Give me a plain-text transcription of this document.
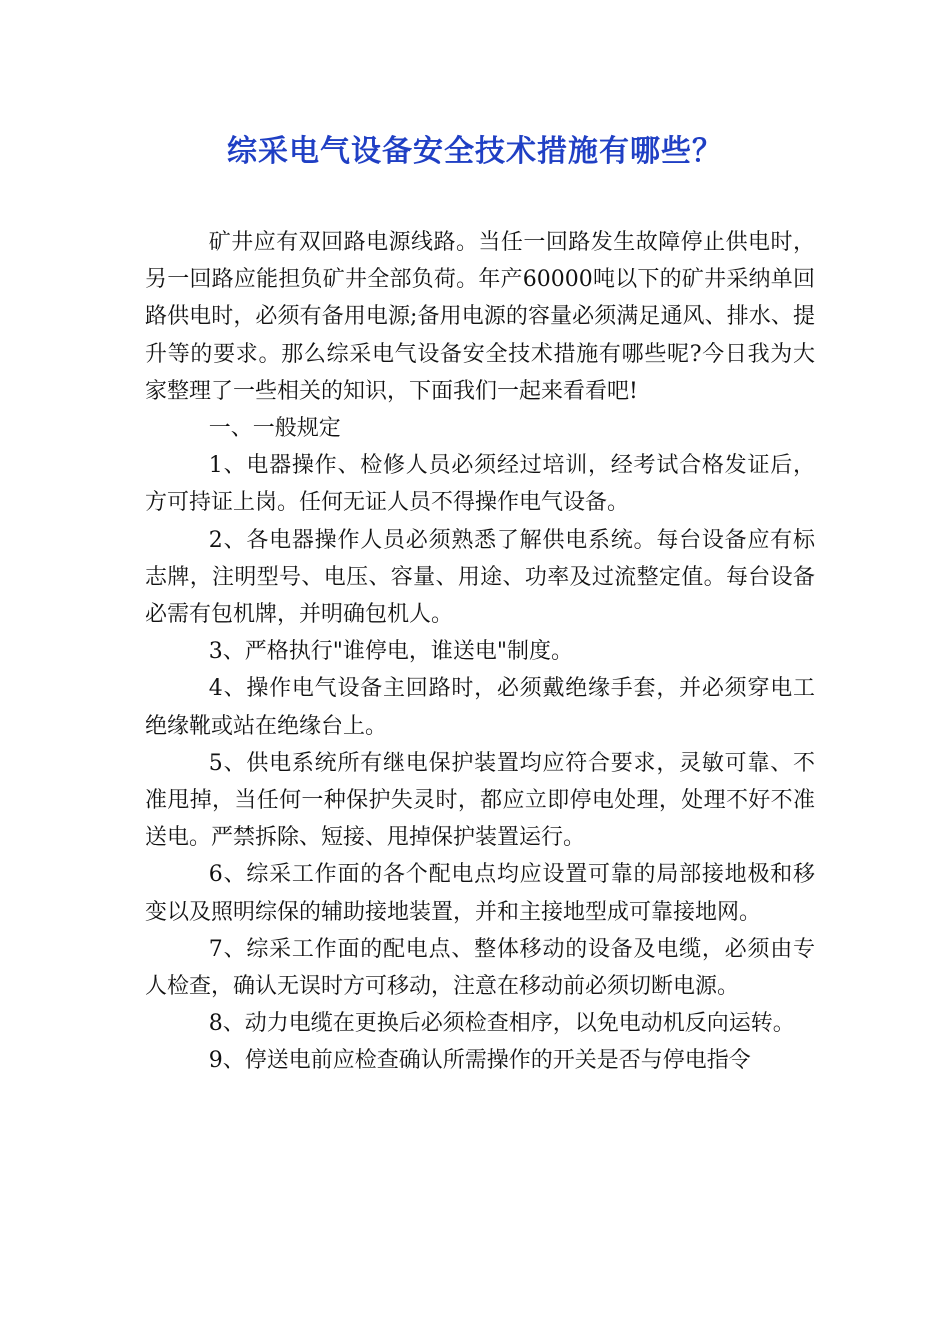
综采电气设备安全技术措施有哪些？

矿井应有双回路电源线路。当任一回路发生故障停止供电时，另一回路应能担负矿井全部负荷。年产60000吨以下的矿井采纳单回路供电时，必须有备用电源;备用电源的容量必须满足通风、排水、提升等的要求。那么综采电气设备安全技术措施有哪些呢?今日我为大家整理了一些相关的知识，下面我们一起来看看吧!

一、一般规定

1、电器操作、检修人员必须经过培训，经考试合格发证后，方可持证上岗。任何无证人员不得操作电气设备。

2、各电器操作人员必须熟悉了解供电系统。每台设备应有标志牌，注明型号、电压、容量、用途、功率及过流整定值。每台设备必需有包机牌，并明确包机人。

3、严格执行"谁停电，谁送电"制度。

4、操作电气设备主回路时，必须戴绝缘手套，并必须穿电工绝缘靴或站在绝缘台上。

5、供电系统所有继电保护装置均应符合要求，灵敏可靠、不准甩掉，当任何一种保护失灵时，都应立即停电处理，处理不好不准送电。严禁拆除、短接、甩掉保护装置运行。

6、综采工作面的各个配电点均应设置可靠的局部接地极和移变以及照明综保的辅助接地装置，并和主接地型成可靠接地网。

7、综采工作面的配电点、整体移动的设备及电缆，必须由专人检查，确认无误时方可移动，注意在移动前必须切断电源。

8、动力电缆在更换后必须检查相序，以免电动机反向运转。

9、停送电前应检查确认所需操作的开关是否与停电指令
